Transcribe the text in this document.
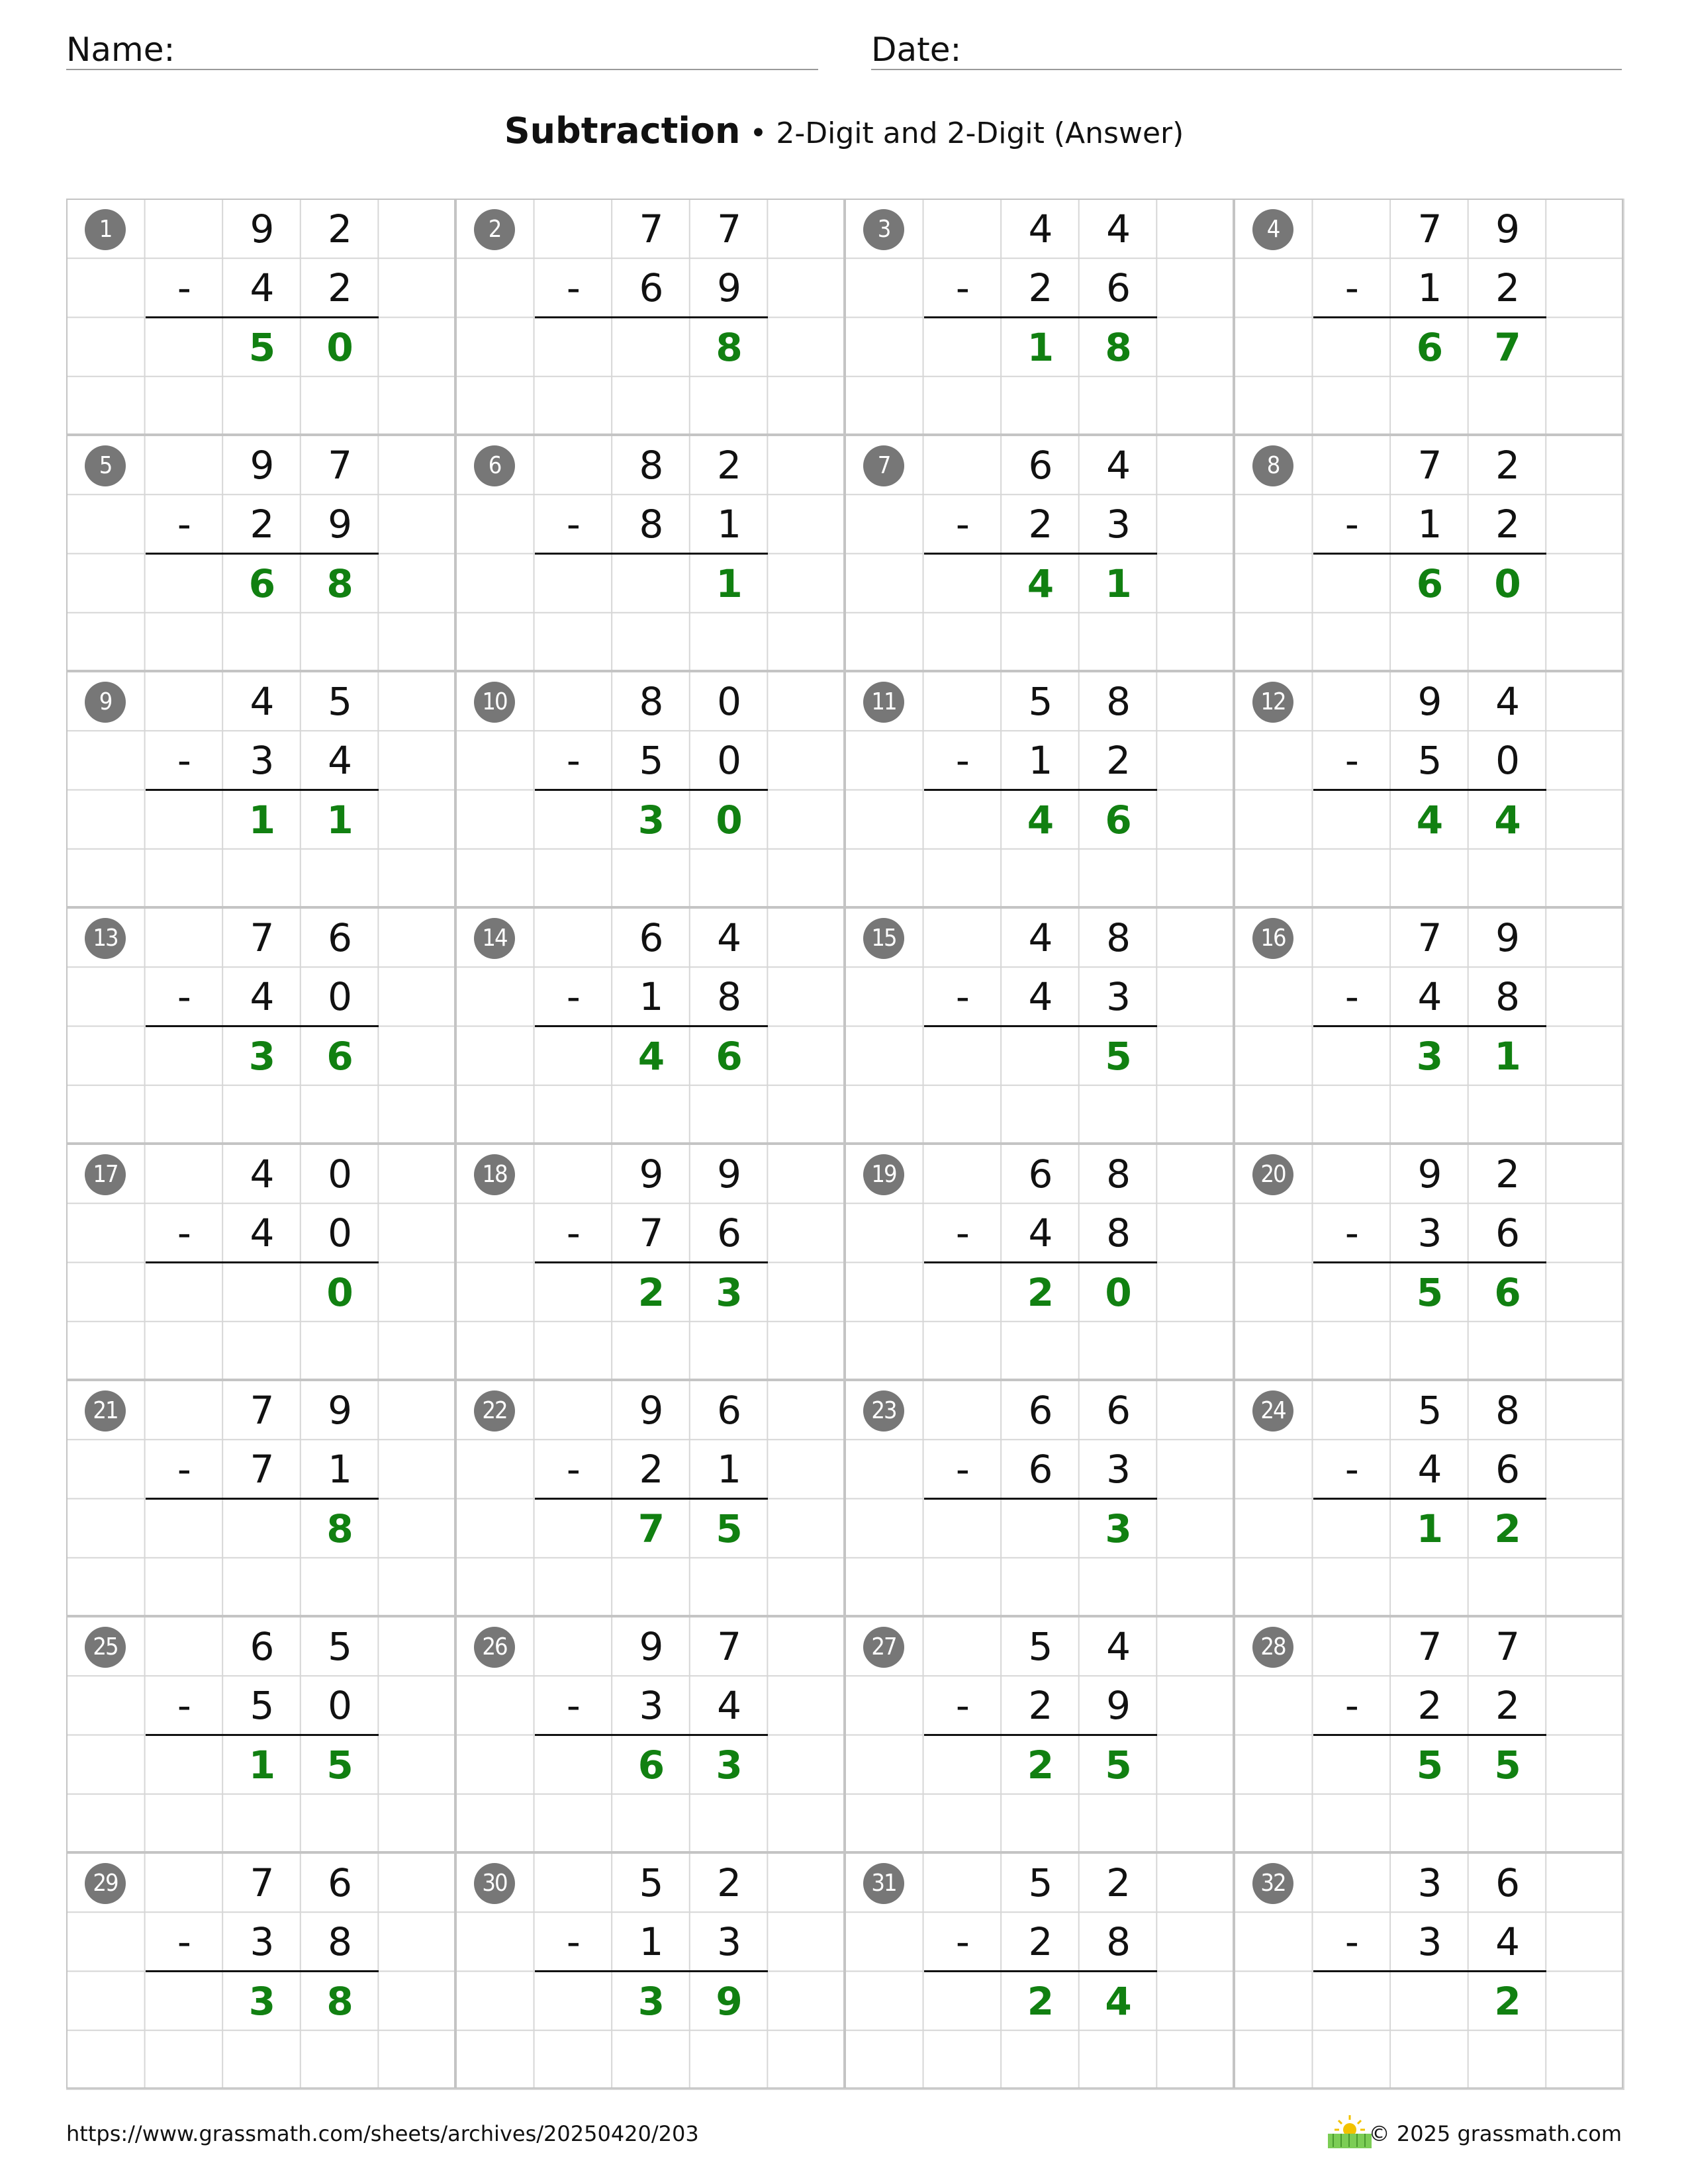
Name:	Date:
Subtraction • 2-Digit and 2-Digit (Answer)
1	9	2
-	4	2
5	0
2	7	7
-	6	9
8
3	4	4
-	2	6
1	8
4	7	9
-	1	2
6	7
5	9	7
-	2	9
6	8
6	8	2
-	8	1
1
7	6	4
-	2	3
4	1
8	7	2
-	1	2
6	0
9	4	5
-	3	4
1	1
10	8	0
-	5	0
3	0
11	5	8
-	1	2
4	6
12	9	4
-	5	0
4	4
13	7	6
-	4	0
3	6
14	6	4
-	1	8
4	6
15	4	8
-	4	3
5
16	7	9
-	4	8
3	1
17	4	0
-	4	0
0
18	9	9
-	7	6
2	3
19	6	8
-	4	8
2	0
20	9	2
-	3	6
5	6
21	7	9
-	7	1
8
22	9	6
-	2	1
7	5
23	6	6
-	6	3
3
24	5	8
-	4	6
1	2
25	6	5
-	5	0
1	5
26	9	7
-	3	4
6	3
27	5	4
-	2	9
2	5
28	7	7
-	2	2
5	5
29	7	6
-	3	8
3	8
30	5	2
-	1	3
3	9
31	5	2
-	2	8
2	4
32	3	6
-	3	4
2
https://www.grassmath.com/sheets/archives/20250420/203	© 2025 grassmath.com
